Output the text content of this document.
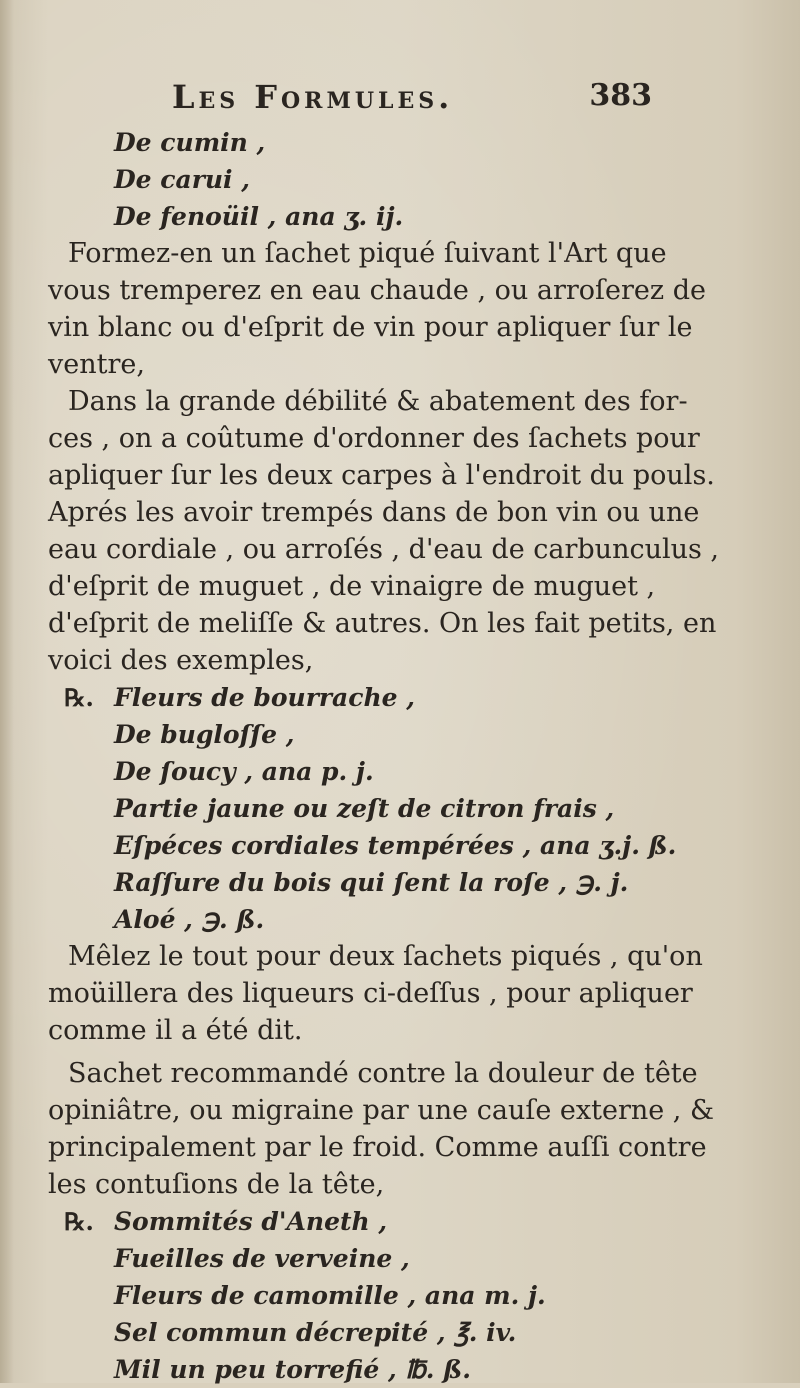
Les Formules.	383
De cumin ,
De carui ,
De fenoüil , ana ʒ. ij.
Formez-en un ſachet piqué ſuivant l'Art que
vous tremperez en eau chaude , ou arroſerez de
vin blanc ou d'eſprit de vin pour apliquer ſur le
ventre,
Dans la grande débilité & abatement des for-
ces , on a coûtume d'ordonner des ſachets pour
apliquer ſur les deux carpes à l'endroit du pouls.
Aprés les avoir trempés dans de bon vin ou une
eau cordiale , ou arroſés , d'eau de carbunculus ,
d'eſprit de muguet , de vinaigre de muguet ,
d'eſprit de meliſſe & autres. On les fait petits, en
voici des exemples,
℞. Fleurs de bourrache ,
De bugloſſe ,
De ſoucy , ana p. j.
Partie jaune ou zeſt de citron frais ,
Eſpéces cordiales tempérées , ana ʒ.j. ß.
Raſſure du bois qui ſent la roſe , ℈. j.
Aloé , ℈. ß.
Mêlez le tout pour deux ſachets piqués , qu'on
moüillera des liqueurs ci-deſſus , pour apliquer
comme il a été dit.
Sachet recommandé contre la douleur de tête
opiniâtre, ou migraine par une cauſe externe , &
principalement par le froid. Comme auſſi contre
les contuſions de la tête,
℞. Sommités d'Aneth ,
Fueilles de verveine ,
Fleurs de camomille , ana m. j.
Sel commun décrepité , ℥. iv.
Mil un peu torrefié , ℔. ß.
